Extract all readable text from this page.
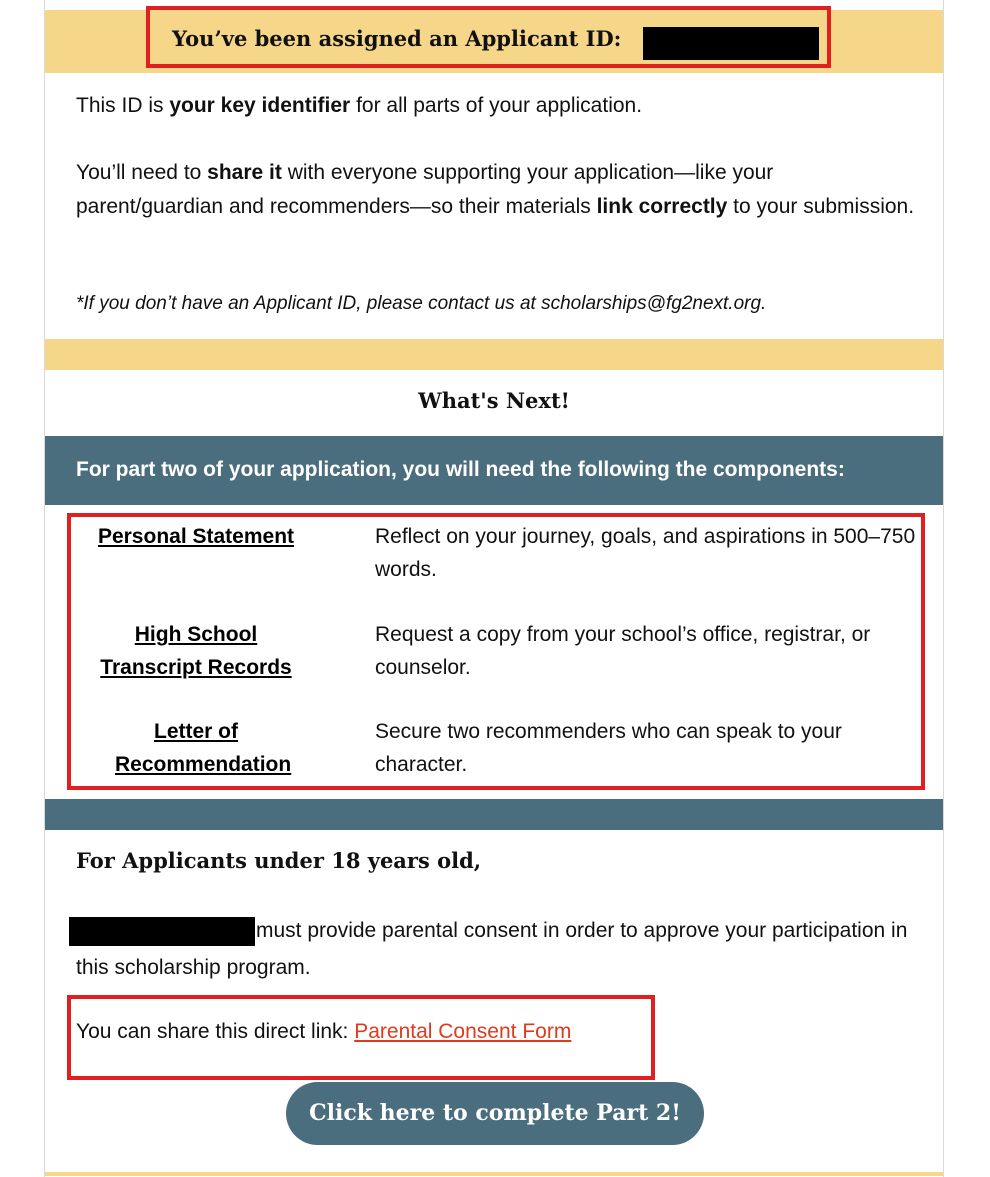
You’ve been assigned an Applicant ID:
This ID is your key identifier for all parts of your application.
You’ll need to share it with everyone supporting your application—like your parent/guardian and recommenders—so their materials link correctly to your submission.
*If you don’t have an Applicant ID, please contact us at scholarships@fg2next.org.
What's Next!
For part two of your application, you will need the following the components:
Personal Statement	Reflect on your journey, goals, and aspirations in 500–750 words.
High School Transcript Records
Request a copy from your school’s office, registrar, or counselor.
Letter of Recommendation
Secure two recommenders who can speak to your character.
For Applicants under 18 years old,
must provide parental consent in order to approve your participation in this scholarship program.
You can share this direct link: Parental Consent Form
Click here to complete Part 2!
